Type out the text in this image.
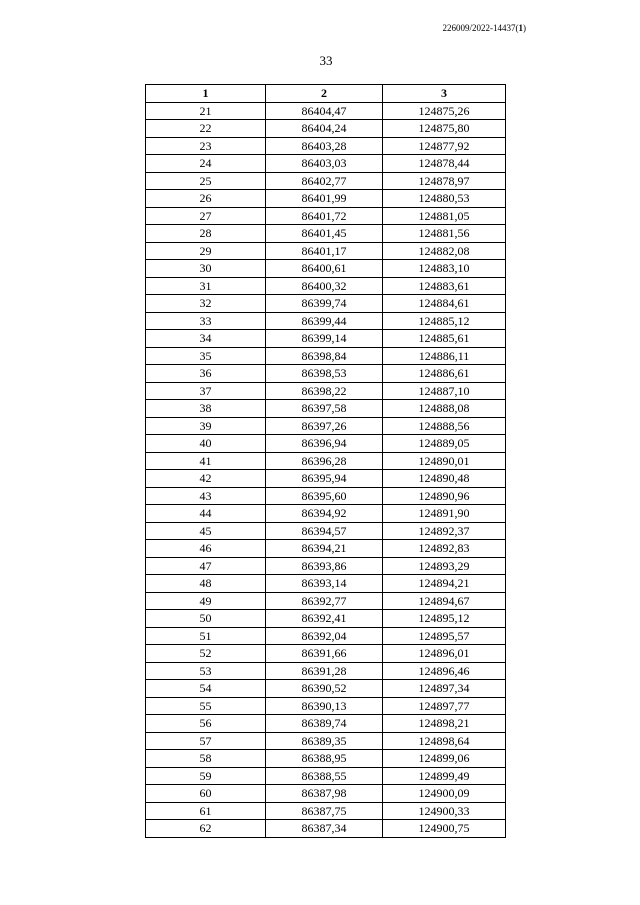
226009/2022-14437(1)
33
1	2	3
21	86404,47	124875,26
22	86404,24	124875,80
23	86403,28	124877,92
24	86403,03	124878,44
25	86402,77	124878,97
26	86401,99	124880,53
27	86401,72	124881,05
28	86401,45	124881,56
29	86401,17	124882,08
30	86400,61	124883,10
31	86400,32	124883,61
32	86399,74	124884,61
33	86399,44	124885,12
34	86399,14	124885,61
35	86398,84	124886,11
36	86398,53	124886,61
37	86398,22	124887,10
38	86397,58	124888,08
39	86397,26	124888,56
40	86396,94	124889,05
41	86396,28	124890,01
42	86395,94	124890,48
43	86395,60	124890,96
44	86394,92	124891,90
45	86394,57	124892,37
46	86394,21	124892,83
47	86393,86	124893,29
48	86393,14	124894,21
49	86392,77	124894,67
50	86392,41	124895,12
51	86392,04	124895,57
52	86391,66	124896,01
53	86391,28	124896,46
54	86390,52	124897,34
55	86390,13	124897,77
56	86389,74	124898,21
57	86389,35	124898,64
58	86388,95	124899,06
59	86388,55	124899,49
60	86387,98	124900,09
61	86387,75	124900,33
62	86387,34	124900,75
